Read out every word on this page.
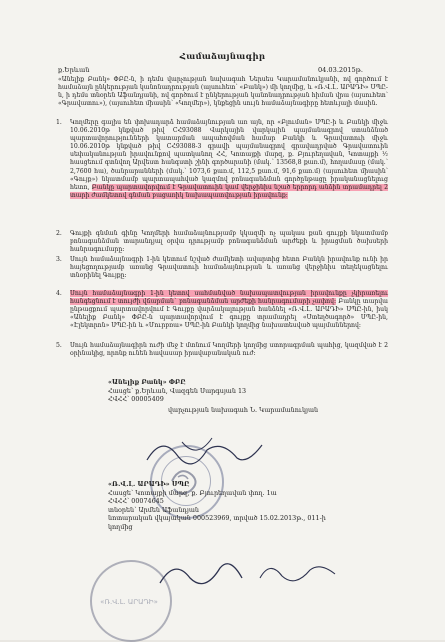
Համաձայնագիր
ք.Երևան	04.03.2015թ.
«Անելիք Բանկ» ՓԲԸ-ն, ի դեմս վարչության նախագահ Ներսես Կարամանուկյանի, ով գործում է համաձայն ընկերության կանոնադրության (այսուհետ՝ «Բանկ») մի կողմից, և «Ռ.Վ.Լ. ԱՐԱԴԻ» ՍՊԸ-ն, ի դեմս տնօրեն Աֆանդյանի, ով գործում է ընկերության կանոնադրության հիման վրա (այսուհետ՝ «Գրավատու»), (այսուհետ միասին՝ «Կողմեր»), կնքեցին սույն համաձայնագիրը հետևյալի մասին.
1.	Կողմերը գալիս են փոխադարձ համաձայնության առ այն, որ «Բլուման» ՍՊԸ-ի և Բանկի միջև 10.06.2010թ կնքված թիվ CՀ93088 Վարկային վարկային պայմանագրով ստանձնած պարտավորությունների կատարման ապահովման համար Բանկի և Գրավատուի միջև 10.06.2010թ կնքված թիվ CՀ93088-3 գրավի պայմանագրով գրավադրված Գրավատուին սեփականության իրավունքով պատկանող ՀՀ, Կոտայքի մարզ, ք. Բյուրեղավան, Կոտայքի ½ հասցեում գտնվող Արվեստ հանգստի շինի գործարանի (մակ.՝ 13568,8 քառ.մ), հողամասը (մակ.՝ 2,7600 հա), ծանրարանների (մակ.՝ 1073,6 քառ.մ, 112,5 քառ.մ, 91,6 քառ.մ) (այսուհետ միասին՝ «Գույք») նկատմամբ պարտապահված կազմով բոնագանձման գործընթացը իրականացնելուց հետո, Բանկը պարտավորվում է Գրավատուին կամ վերջինիս նշած երրորդ անձին տրամադրել 2 տարի ժամկետով գնման բացառիկ նախապատվության իրավունք:
2.	Գույքի գնման գինը Կողմերի համաձայնությամբ կկազմի ոչ պակաս քան գույքի նկատմամբ բոնագանձման տարանդյալ օրվա դրությամբ բոնագանձման արժեքի և իրացման ծախսերի հանրագումարը:
3.	Սույն համաձայնագրի 1-ին կետում նշված ժամկետի ավարտից հետո Բանկն իրավունք ունի իր հայեցողությամբ առանց Գրավատուի համաձայնության և առանց վերջինիս տեղեկացնելու տնօրինել Գույքը:
4.	Սույն համաձայնագրի 1-ին կետով սահմանված նախապատվության իրավունքը չկիրառելու հանգեցնում է տույժի վճարման` բոնագանձման արժեքի հանրագումարի չափով: Բանկը տարվա ընթացքում պարտավորվում է Գույքը վարձակալության հանձնել «Ռ.Վ.Լ. ԱՐԱԴԻ» ՍՊԸ-ին, իսկ «Անելիք Բանկ» ՓԲԸ-ն պարտավորվում է գույքը տրամադրել «Ստեղծագործ» ՍՊԸ-ին, «Էլեկտրոն» ՍՊԸ-ին և «Մուրբռա» ՍՊԸ-ին Բանկի կողմից նախատեսված պայմաններով:
5.	Սույն համաձայնագիրն ուժի մեջ է մտնում Կողմերի կողմից ստորագրման պահից, կազմված է 2 օրինակից, որոնք ունեն հավասար իրավաբանական ուժ:
«Անելիք Բանկ» ՓԲԸ
Հասցե՝ ք.Երևան, Վազգեն Սարգսյան 13
ՀՎՀՀ՝ 00005409
վարչության նախագահ Ն. Կարամանուկյան
«Ռ.Վ.Լ. ԱՐԱԴԻ» ՍՊԸ
Հասցե՝ Կոտայքի մարզ, ք. Բյուրեղավան փող. 1ա
ՀՎՀՀ՝ 00074645
տնօրեն՝ Արմեն Աֆանդյան
նոտարական վկայական 000523969, տրված 15.02.2013թ., 011-ի կողմից
«Ռ.Վ.Լ. ԱՐԱԴԻ»
